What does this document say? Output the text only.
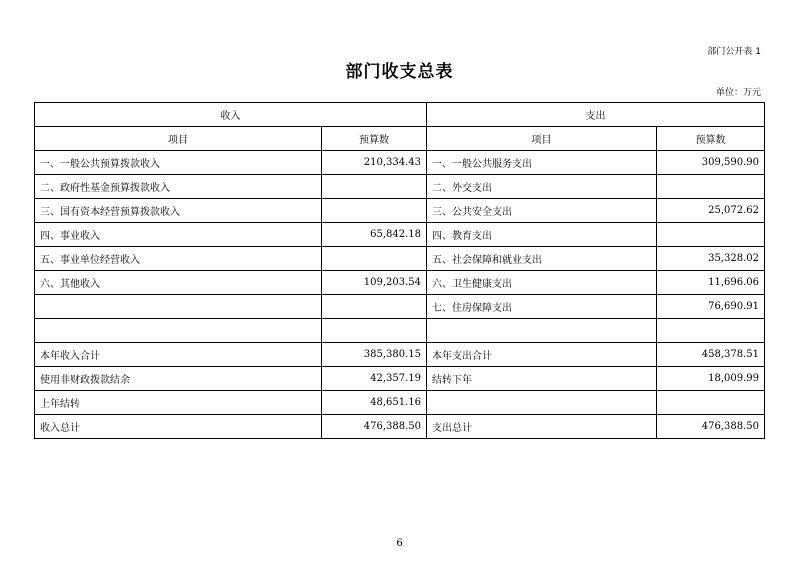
部门公开表 1
部门收支总表
单位：万元
收入		支出	
项目	预算数	项目	预算数
一、一般公共预算拨款收入	210,334.43	一、一般公共服务支出	309,590.90
二、政府性基金预算拨款收入		二、外交支出	
三、国有资本经营预算拨款收入		三、公共安全支出	25,072.62
四、事业收入	65,842.18	四、教育支出	
五、事业单位经营收入		五、社会保障和就业支出	35,328.02
六、其他收入	109,203.54	六、卫生健康支出	11,696.06
		七、住房保障支出	76,690.91

本年收入合计	385,380.15	本年支出合计	458,378.51
使用非财政拨款结余	42,357.19	结转下年	18,009.99
上年结转	48,651.16		
收入总计	476,388.50	支出总计	476,388.50
6
